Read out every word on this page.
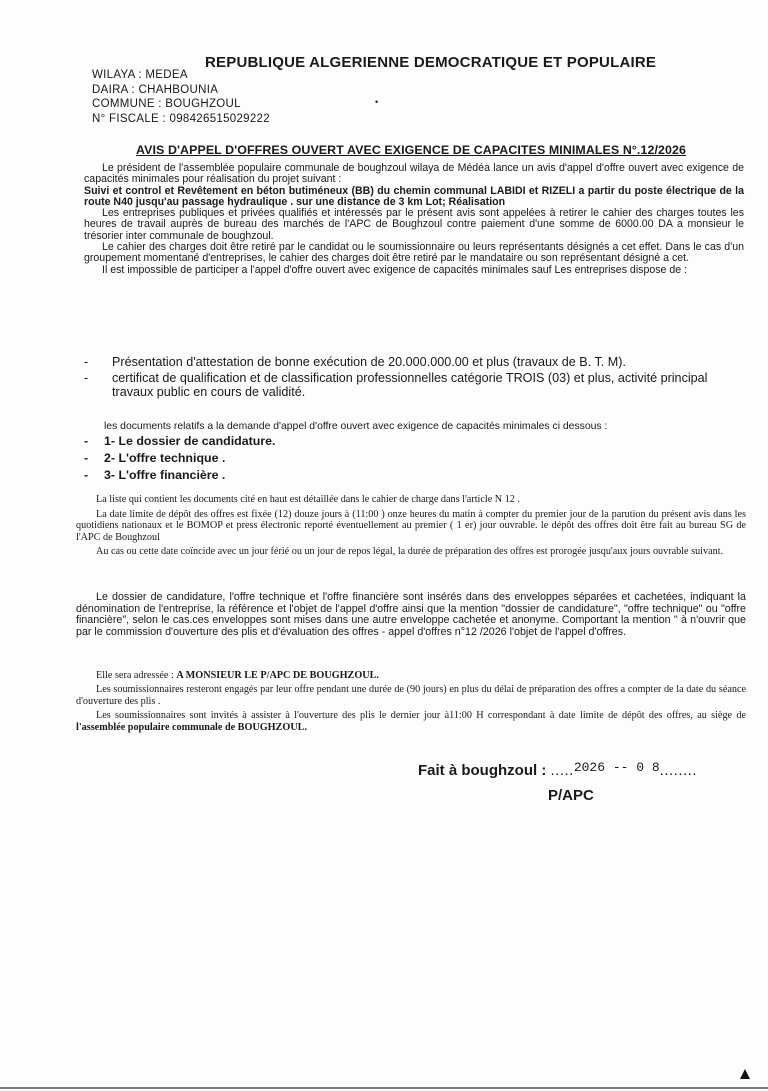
REPUBLIQUE ALGERIENNE DEMOCRATIQUE ET POPULAIRE
WILAYA : MEDEA
DAIRA : CHAHBOUNIA
COMMUNE : BOUGHZOUL
N° FISCALE : 098426515029222
•
AVIS D'APPEL D'OFFRES OUVERT AVEC EXIGENCE DE CAPACITES MINIMALES N°.12/2026

Le président de l'assemblée populaire communale de boughzoul wilaya de Médéa lance un avis d'appel d'offre ouvert avec exigence de capacités minimales pour réalisation du projet suivant :

Suivi et control et Revêtement en béton butiméneux (BB) du chemin communal LABIDI et RIZELI a partir du poste électrique de la route N40 jusqu'au passage hydraulique . sur une distance de 3 km Lot; Réalisation

Les entreprises publiques et privées qualifiés et intéressés par le présent avis sont appelées à retirer le cahier des charges toutes les heures de travail auprès de bureau des marchés de l'APC de Boughzoul contre paiement d'une somme de 6000.00 DA a monsieur le trésorier inter communale de boughzoul.

Le cahier des charges doit être retiré par le candidat ou le soumissionnaire ou leurs représentants désignés a cet effet. Dans le cas d'un groupement momentané d'entreprises, le cahier des charges doit être retiré par le mandataire ou son représentant désigné a cet.

Il est impossible de participer a l'appel d'offre ouvert avec exigence de capacités minimales sauf Les entreprises dispose de :

-	Présentation d'attestation de bonne exécution de 20.000.000.00 et plus (travaux de B. T. M).
-	certificat de qualification et de classification professionnelles catégorie TROIS (03) et plus, activité principal travaux public en cours de validité.
les documents relatifs a la demande d'appel d'offre ouvert avec exigence de capacités minimales ci dessous :
-	1- Le dossier de candidature.
-	2- L'offre technique .
-	3- L'offre financière .

La liste qui contient les documents cité en haut est détaillée dans le cahier de charge dans l'article N 12 .

La date limite de dépôt des offres est fixée (12) douze jours à (11:00 ) onze heures du matin à compter du premier jour de la parution du présent avis dans les quotidiens nationaux et le BOMOP et press électronic reporté éventuellement au premier ( 1 er) jour ouvrable. le dépôt des offres doit être fait au bureau SG de l'APC de Boughzoul

Au cas ou cette date coïncide avec un jour férié ou un jour de repos légal, la durée de préparation des offres est prorogée jusqu'aux jours ouvrable suivant.

Le dossier de candidature, l'offre technique et l'offre financière sont insérés dans des enveloppes séparées et cachetées, indiquant la dénomination de l'entreprise, la référence et l'objet de l'appel d'offre ainsi que la mention "dossier de candidature", "offre technique" ou "offre financière", selon le cas.ces enveloppes sont mises dans une autre enveloppe cachetée et anonyme. Comportant la mention " à n'ouvrir que par le commission d'ouverture des plis et d'évaluation des offres - appel d'offres n°12 /2026 l'objet de l'appel d'offres.

Elle sera adressée : A MONSIEUR LE P/APC DE BOUGHZOUL.

Les soumissionnaires resteront engagés par leur offre pendant une durée de (90 jours) en plus du délai de préparation des offres a compter de la date du séance d'ouverture des plis .

Les soumissionnaires sont invités à assister à l'ouverture des plis le dernier jour à11:00 H correspondant à date limite de dépôt des offres, au siège de l'assemblée populaire communale de BOUGHZOUL.

Fait à boughzoul : .....2026 -- 0 8........
P/APC
